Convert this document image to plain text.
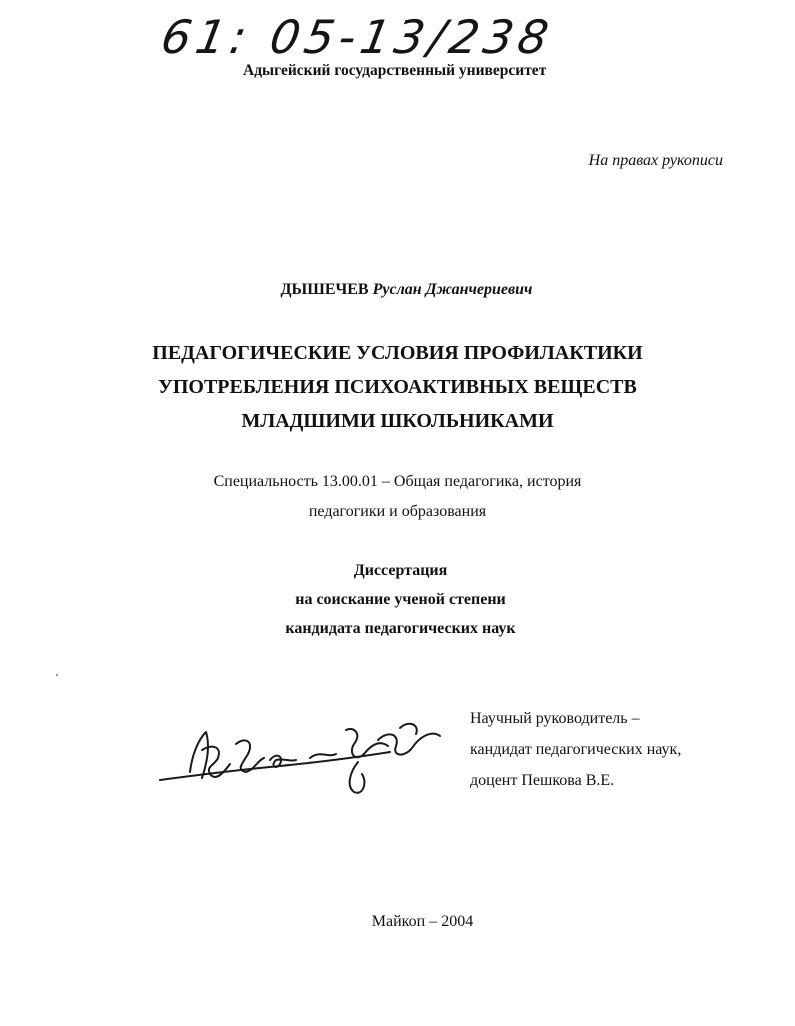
61: 05-13/238
Адыгейский государственный университет
На правах рукописи
ДЫШЕЧЕВ Руслан Джанчериевич
ПЕДАГОГИЧЕСКИЕ УСЛОВИЯ ПРОФИЛАКТИКИ
УПОТРЕБЛЕНИЯ ПСИХОАКТИВНЫХ ВЕЩЕСТВ
МЛАДШИМИ ШКОЛЬНИКАМИ
Специальность 13.00.01 – Общая педагогика, история
педагогики и образования
Диссертация
на соискание ученой степени
кандидата педагогических наук
Научный руководитель –
кандидат педагогических наук,
доцент Пешкова В.Е.
Майкоп – 2004
